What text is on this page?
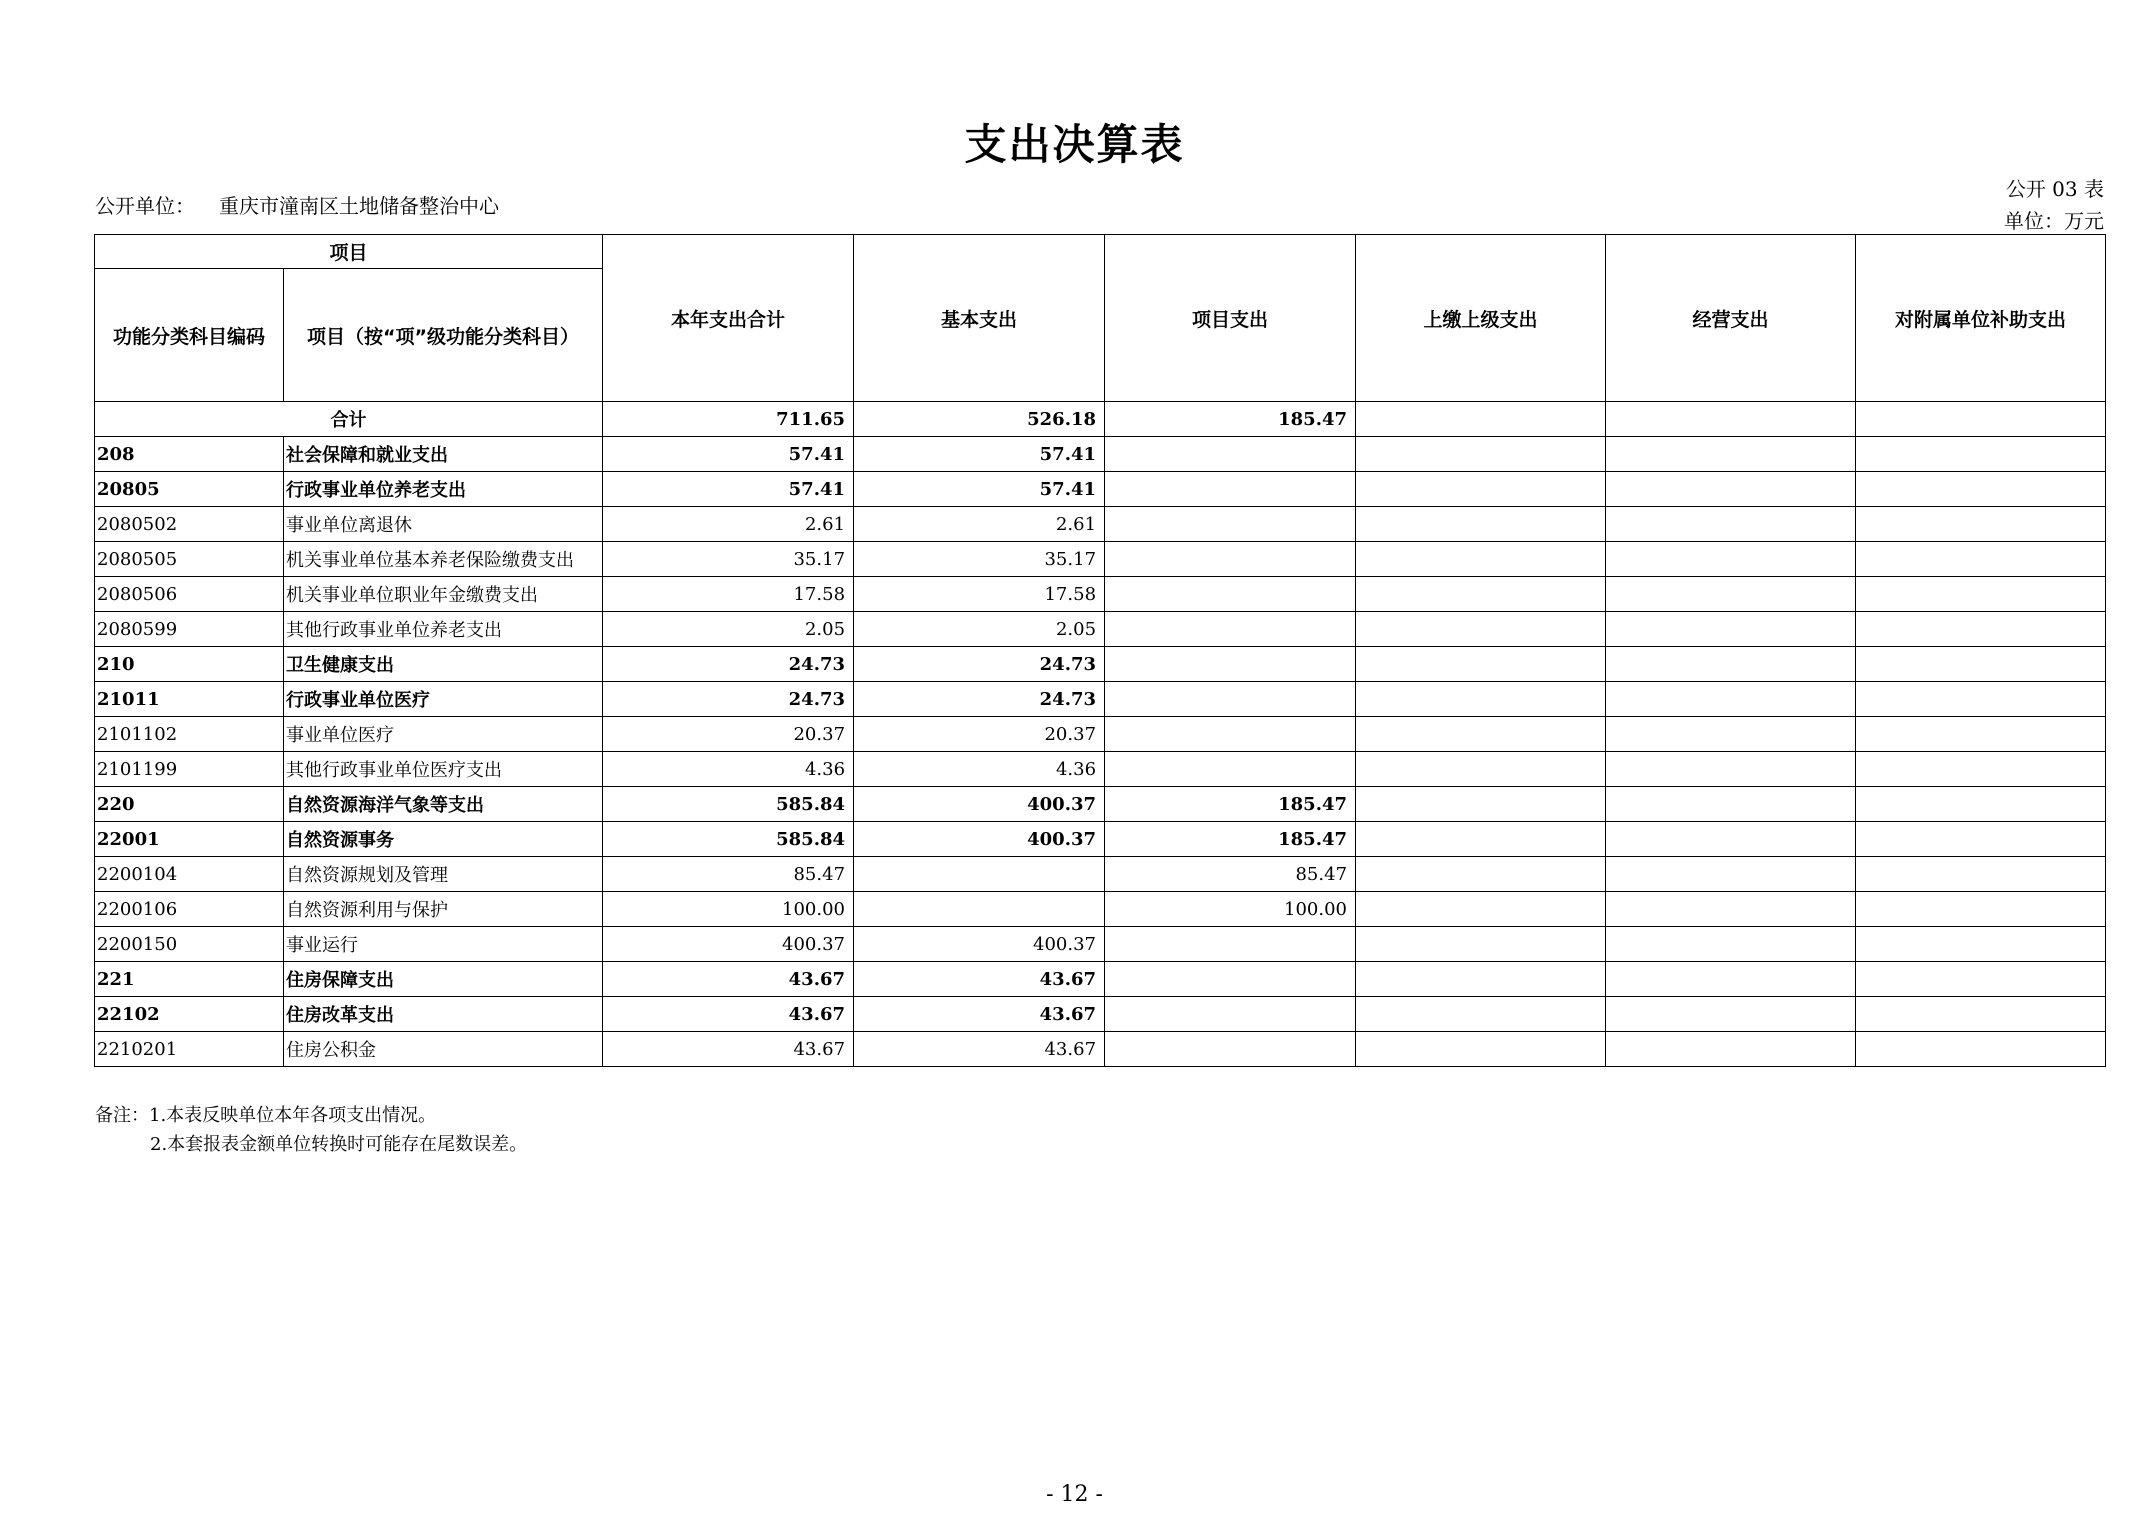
支出决算表
公开单位： 重庆市潼南区土地储备整治中心
公开 03 表
单位：万元
项目		本年支出合计	基本支出	项目支出	上缴上级支出	经营支出	对附属单位补助支出
功能分类科目编码	项目（按“项”级功能分类科目）						
合计		711.65	526.18	185.47			
208	社会保障和就业支出	57.41	57.41				
20805	行政事业单位养老支出	57.41	57.41				
2080502	事业单位离退休	2.61	2.61				
2080505	机关事业单位基本养老保险缴费支出	35.17	35.17				
2080506	机关事业单位职业年金缴费支出	17.58	17.58				
2080599	其他行政事业单位养老支出	2.05	2.05				
210	卫生健康支出	24.73	24.73				
21011	行政事业单位医疗	24.73	24.73				
2101102	事业单位医疗	20.37	20.37				
2101199	其他行政事业单位医疗支出	4.36	4.36				
220	自然资源海洋气象等支出	585.84	400.37	185.47			
22001	自然资源事务	585.84	400.37	185.47			
2200104	自然资源规划及管理	85.47		85.47			
2200106	自然资源利用与保护	100.00		100.00			
2200150	事业运行	400.37	400.37				
221	住房保障支出	43.67	43.67				
22102	住房改革支出	43.67	43.67				
2210201	住房公积金	43.67	43.67				
备注：1.本表反映单位本年各项支出情况。
2.本套报表金额单位转换时可能存在尾数误差。
- 12 -
